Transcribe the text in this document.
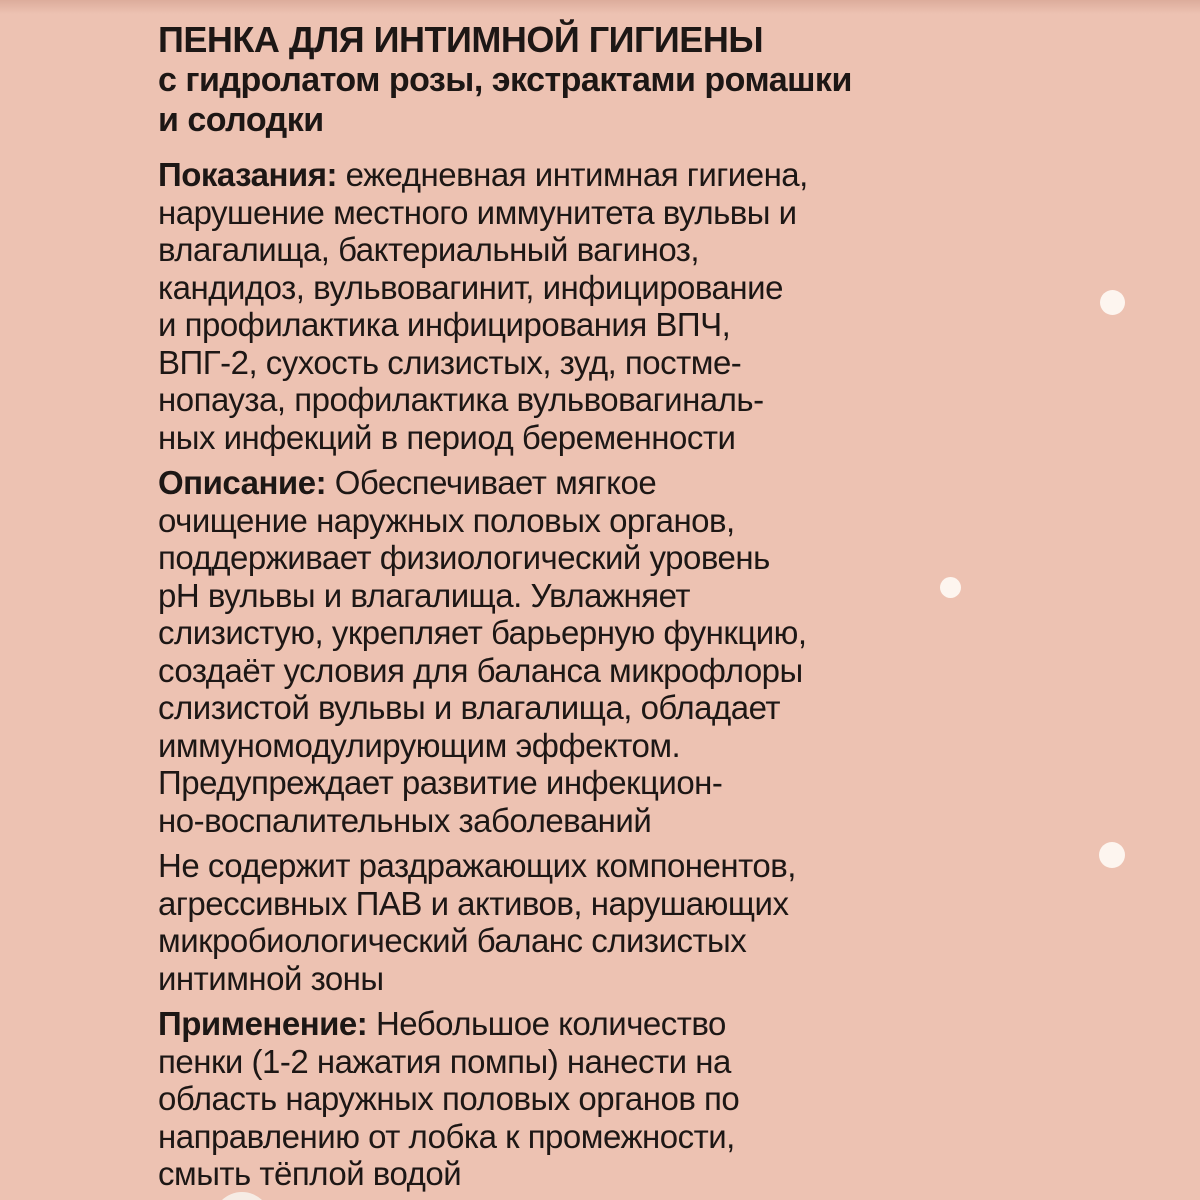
ПЕНКА ДЛЯ ИНТИМНОЙ ГИГИЕНЫ
с гидролатом розы, экстрактами ромашки
и солодки

Показания: ежедневная интимная гигиена,
нарушение местного иммунитета вульвы и
влагалища, бактериальный вагиноз,
кандидоз, вульвовагинит, инфицирование
и профилактика инфицирования ВПЧ,
ВПГ-2, сухость слизистых, зуд, постме-
нопауза, профилактика вульвовагиналь-
ных инфекций в период беременности

Описание: Обеспечивает мягкое
очищение наружных половых органов,
поддерживает физиологический уровень
pH вульвы и влагалища. Увлажняет
слизистую, укрепляет барьерную функцию,
создаёт условия для баланса микрофлоры
слизистой вульвы и влагалища, обладает
иммуномодулирующим эффектом.
Предупреждает развитие инфекцион-
но-воспалительных заболеваний

Не содержит раздражающих компонентов,
агрессивных ПАВ и активов, нарушающих
микробиологический баланс слизистых
интимной зоны

Применение: Небольшое количество
пенки (1-2 нажатия помпы) нанести на
область наружных половых органов по
направлению от лобка к промежности,
смыть тёплой водой
